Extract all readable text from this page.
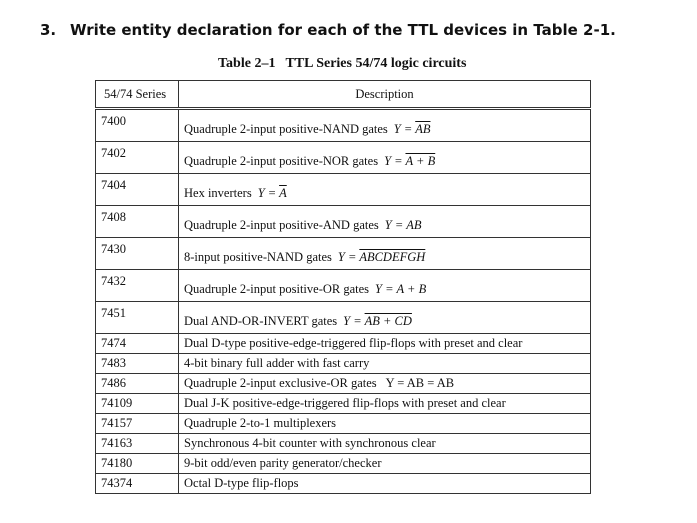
3. Write entity declaration for each of the TTL devices in Table 2-1.
Table 2–1 TTL Series 54/74 logic circuits
54/74 Series	Description
7400	Quadruple 2-input positive-NAND gates $Y = \overline{AB}$
7402	Quadruple 2-input positive-NOR gates Y = A + B
7404	Hex inverters $Y = \overline{A}$
7408	Quadruple 2-input positive-AND gates Y = AB
7430	8-input positive-NAND gates Y = ABCDEFGH
7432	Quadruple 2-input positive-OR gates Y = A + B
7451	Dual AND-OR-INVERT gates Y = AB + CD
7474	Dual D-type positive-edge-triggered flip-flops with preset and clear
7483	4-bit binary full adder with fast carry
7486	Quadruple 2-input exclusive-OR gates   Y = AB = AB
74109	Dual J-K positive-edge-triggered flip-flops with preset and clear
74157	Quadruple 2-to-1 multiplexers
74163	Synchronous 4-bit counter with synchronous clear
74180	9-bit odd/even parity generator/checker
74374	Octal D-type flip-flops
